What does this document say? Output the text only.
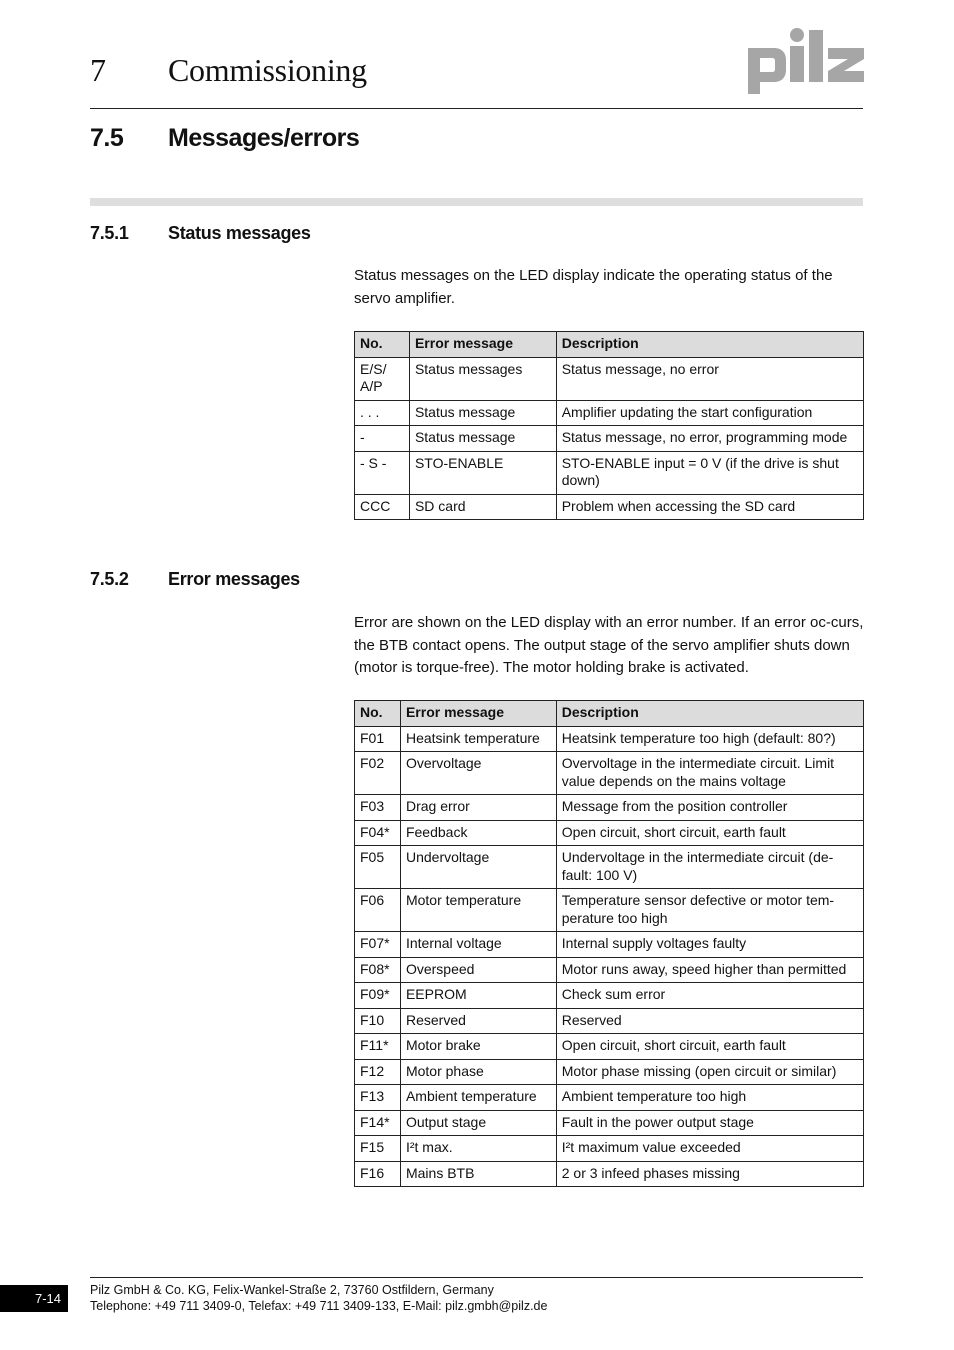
7 Commissioning
7.5 Messages/errors
7.5.1 Status messages
Status messages on the LED display indicate the operating status of the servo amplifier.
No.	Error message	Description
E/S/ A/P	Status messages	Status message, no error
. . .	Status message	Amplifier updating the start configuration
-	Status message	Status message, no error, programming mode
- S -	STO-ENABLE	STO-ENABLE input = 0 V (if the drive is shut down)
CCC	SD card	Problem when accessing the SD card
7.5.2 Error messages
Error are shown on the LED display with an error number. If an error oc-curs, the BTB contact opens. The output stage of the servo amplifier shuts down (motor is torque-free). The motor holding brake is activated.
No.	Error message	Description
F01	Heatsink temperature	Heatsink temperature too high (default: 80?)
F02	Overvoltage	Overvoltage in the intermediate circuit. Limit value depends on the mains voltage
F03	Drag error	Message from the position controller
F04*	Feedback	Open circuit, short circuit, earth fault
F05	Undervoltage	Undervoltage in the intermediate circuit (de-fault: 100 V)
F06	Motor temperature	Temperature sensor defective or motor tem-perature too high
F07*	Internal voltage	Internal supply voltages faulty
F08*	Overspeed	Motor runs away, speed higher than permitted
F09*	EEPROM	Check sum error
F10	Reserved	Reserved
F11*	Motor brake	Open circuit, short circuit, earth fault
F12	Motor phase	Motor phase missing (open circuit or similar)
F13	Ambient temperature	Ambient temperature too high
F14*	Output stage	Fault in the power output stage
F15	I²t max.	I²t maximum value exceeded
F16	Mains BTB	2 or 3 infeed phases missing
7-14
Pilz GmbH & Co. KG, Felix-Wankel-Straße 2, 73760 Ostfildern, Germany
Telephone: +49 711 3409-0, Telefax: +49 711 3409-133, E-Mail: pilz.gmbh@pilz.de
